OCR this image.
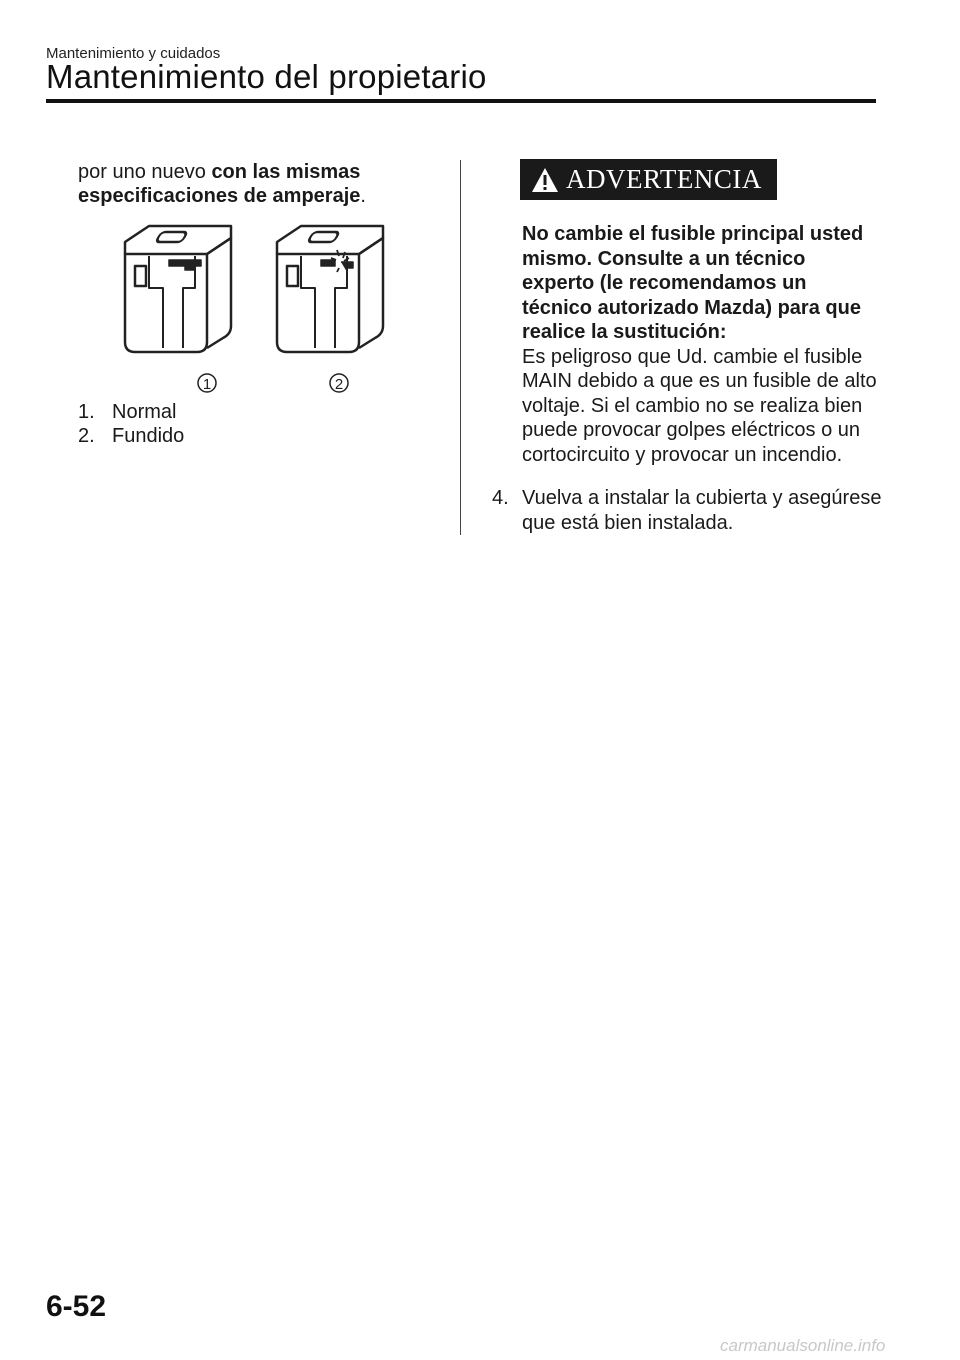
Mantenimiento y cuidados
Mantenimiento del propietario

por uno nuevo con las mismas especificaciones de amperaje.

1	2
1. Normal
2. Fundido
ADVERTENCIA

No cambie el fusible principal usted mismo. Consulte a un técnico experto (le recomendamos un técnico autorizado Mazda) para que realice la sustitución:

Es peligroso que Ud. cambie el fusible MAIN debido a que es un fusible de alto voltaje. Si el cambio no se realiza bien puede provocar golpes eléctricos o un cortocircuito y provocar un incendio.

4. Vuelva a instalar la cubierta y asegúrese que está bien instalada.
6-52
carmanualsonline.info
